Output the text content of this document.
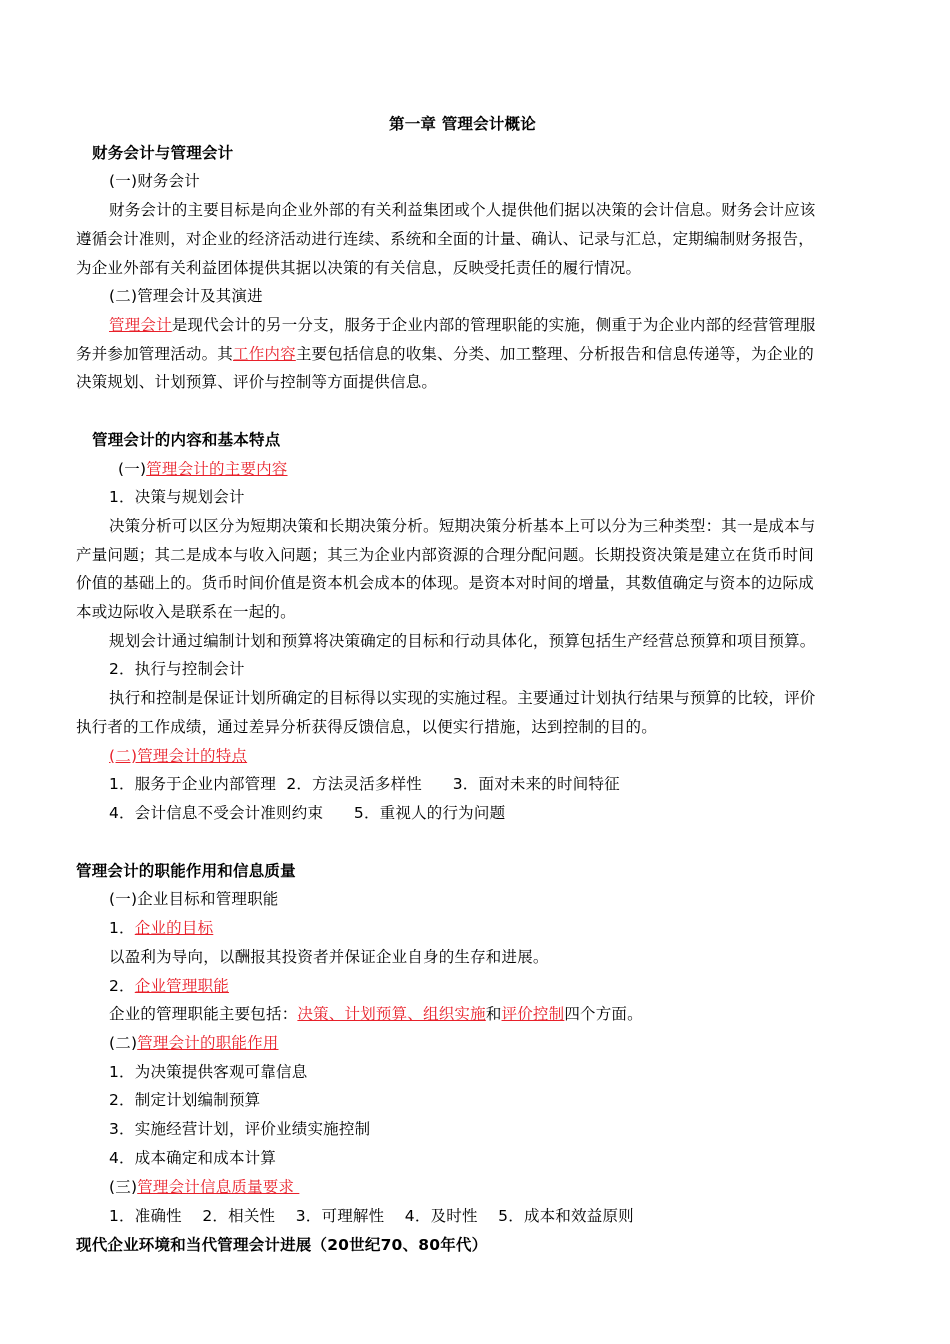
第一章 管理会计概论
财务会计与管理会计
(一)财务会计
财务会计的主要目标是向企业外部的有关利益集团或个人提供他们据以决策的会计信息。财务会计应该
遵循会计准则，对企业的经济活动进行连续、系统和全面的计量、确认、记录与汇总，定期编制财务报告，
为企业外部有关利益团体提供其据以决策的有关信息，反映受托责任的履行情况。
(二)管理会计及其演进
管理会计是现代会计的另一分支，服务于企业内部的管理职能的实施，侧重于为企业内部的经营管理服
务并参加管理活动。其工作内容主要包括信息的收集、分类、加工整理、分析报告和信息传递等，为企业的
决策规划、计划预算、评价与控制等方面提供信息。
管理会计的内容和基本特点
(一)管理会计的主要内容
1．决策与规划会计
决策分析可以区分为短期决策和长期决策分析。短期决策分析基本上可以分为三种类型：其一是成本与
产量问题；其二是成本与收入问题；其三为企业内部资源的合理分配问题。长期投资决策是建立在货币时间
价值的基础上的。货币时间价值是资本机会成本的体现。是资本对时间的增量，其数值确定与资本的边际成
本或边际收入是联系在一起的。
规划会计通过编制计划和预算将决策确定的目标和行动具体化，预算包括生产经营总预算和项目预算。
2．执行与控制会计
执行和控制是保证计划所确定的目标得以实现的实施过程。主要通过计划执行结果与预算的比较，评价
执行者的工作成绩，通过差异分析获得反馈信息，以便实行措施，达到控制的目的。
(二)管理会计的特点
1．服务于企业内部管理  2．方法灵活多样性      3．面对未来的时间特征
4．会计信息不受会计准则约束      5．重视人的行为问题
管理会计的职能作用和信息质量
(一)企业目标和管理职能
1．企业的目标
以盈利为导向，以酬报其投资者并保证企业自身的生存和进展。
2．企业管理职能
企业的管理职能主要包括：决策、计划预算、组织实施和评价控制四个方面。
(二)管理会计的职能作用
1．为决策提供客观可靠信息
2．制定计划编制预算
3．实施经营计划，评价业绩实施控制
4．成本确定和成本计算
(三)管理会计信息质量要求
1．准确性    2．相关性    3．可理解性    4．及时性    5．成本和效益原则
现代企业环境和当代管理会计进展（20世纪70、80年代）
